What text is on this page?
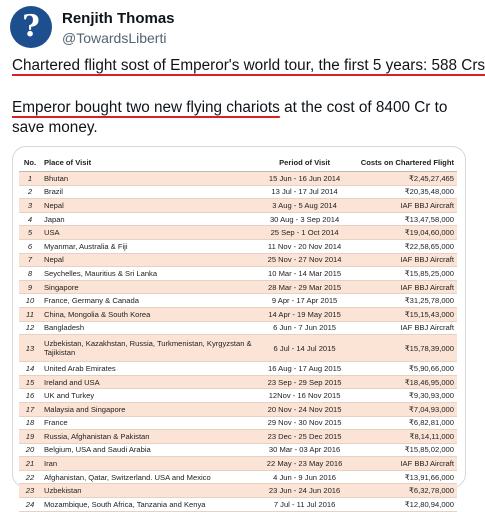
?	Renjith Thomas
@TowardsLiberti

Chartered flight sost of Emperor's world tour, the first 5 years: 588 Crs

Emperor bought two new flying chariots at the cost of 8400 Cr to save money.

No.	Place of Visit	Period of Visit	Costs on Chartered Flight
1	Bhutan	15 Jun - 16 Jun 2014	₹2,45,27,465
2	Brazil	13 Jul - 17 Jul 2014	₹20,35,48,000
3	Nepal	3 Aug - 5 Aug 2014	IAF BBJ Aircraft
4	Japan	30 Aug - 3 Sep 2014	₹13,47,58,000
5	USA	25 Sep - 1 Oct 2014	₹19,04,60,000
6	Myanmar, Australia & Fiji	11 Nov - 20 Nov 2014	₹22,58,65,000
7	Nepal	25 Nov - 27 Nov 2014	IAF BBJ Aircraft
8	Seychelles, Mauritius & Sri Lanka	10 Mar - 14 Mar 2015	₹15,85,25,000
9	Singapore	28 Mar - 29 Mar 2015	IAF BBJ Aircraft
10	France, Germany & Canada	9 Apr - 17 Apr 2015	₹31,25,78,000
11	China, Mongolia & South Korea	14 Apr - 19 May 2015	₹15,15,43,000
12	Bangladesh	6 Jun - 7 Jun 2015	IAF BBJ Aircraft
13	Uzbekistan, Kazakhstan, Russia, Turkmenistan, Kyrgyzstan & Tajikistan	6 Jul - 14 Jul 2015	₹15,78,39,000
14	United Arab Emirates	16 Aug - 17 Aug 2015	₹5,90,66,000
15	Ireland and USA	23 Sep - 29 Sep 2015	₹18,46,95,000
16	UK and Turkey	12Nov - 16 Nov 2015	₹9,30,93,000
17	Malaysia and Singapore	20 Nov - 24 Nov 2015	₹7,04,93,000
18	France	29 Nov - 30 Nov 2015	₹6,82,81,000
19	Russia, Afghanistan & Pakistan	23 Dec - 25 Dec 2015	₹8,14,11,000
20	Belgium, USA and Saudi Arabia	30 Mar - 03 Apr 2016	₹15,85,02,000
21	Iran	22 May - 23 May 2016	IAF BBJ Aircraft
22	Afghanistan, Qatar, Switzerland. USA and Mexico	4 Jun - 9 Jun 2016	₹13,91,66,000
23	Uzbekistan	23 Jun - 24 Jun 2016	₹6,32,78,000
24	Mozambique, South Africa, Tanzania and Kenya	7 Jul - 11 Jul 2016	₹12,80,94,000
